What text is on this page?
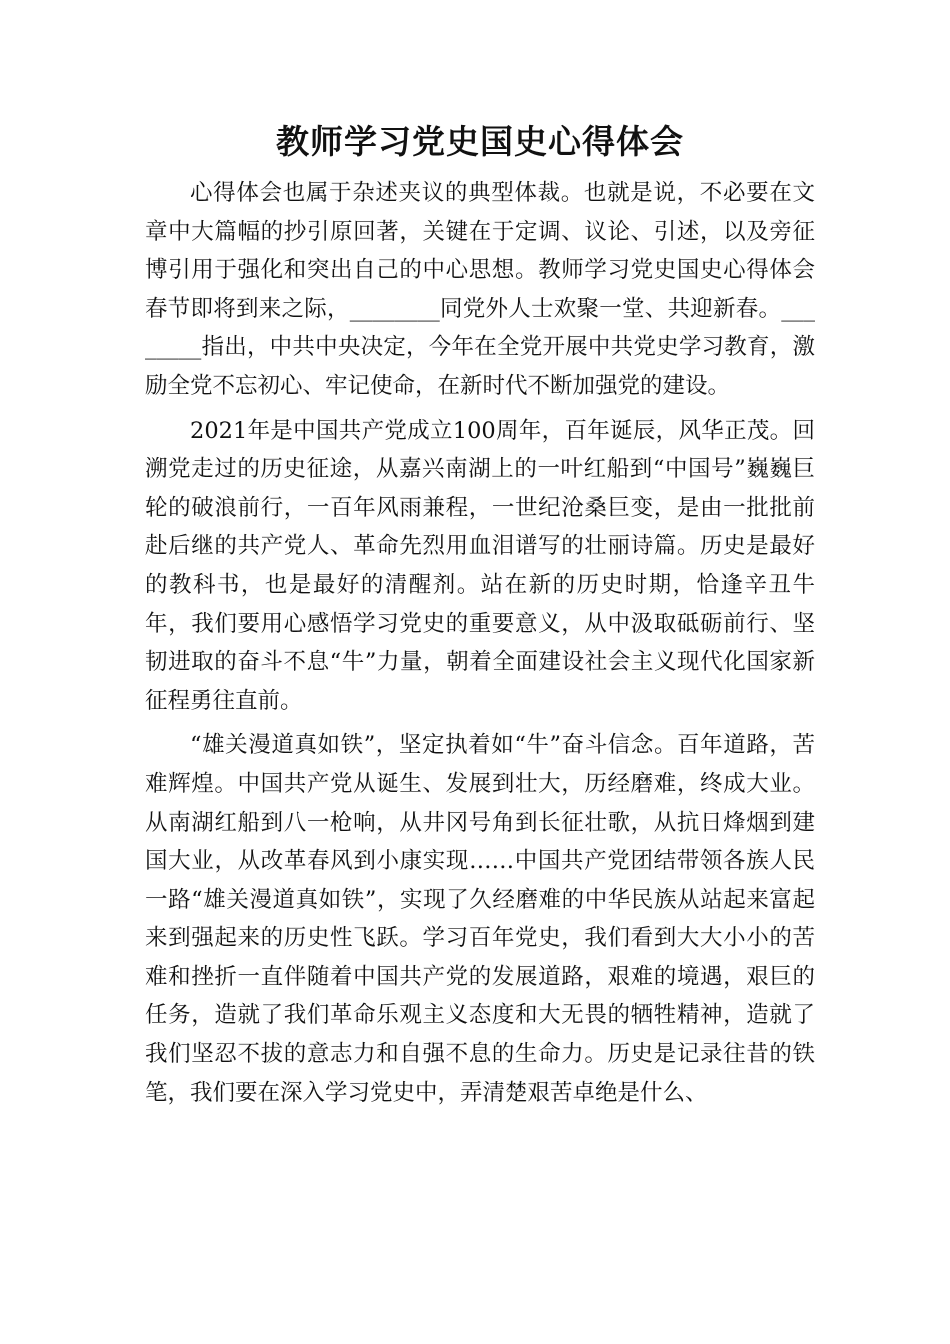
教师学习党史国史心得体会

心得体会也属于杂述夹议的典型体裁。也就是说，不必要在文章中大篇幅的抄引原回著，关键在于定调、议论、引述，以及旁征博引用于强化和突出自己的中心思想。教师学习党史国史心得体会春节即将到来之际，________同党外人士欢聚一堂、共迎新春。________指出，中共中央决定，今年在全党开展中共党史学习教育，激励全党不忘初心、牢记使命，在新时代不断加强党的建设。

2021年是中国共产党成立100周年，百年诞辰，风华正茂。回溯党走过的历史征途，从嘉兴南湖上的一叶红船到“中国号”巍巍巨轮的破浪前行，一百年风雨兼程，一世纪沧桑巨变，是由一批批前赴后继的共产党人、革命先烈用血泪谱写的壮丽诗篇。历史是最好的教科书，也是最好的清醒剂。站在新的历史时期，恰逢辛丑牛年，我们要用心感悟学习党史的重要意义，从中汲取砥砺前行、坚韧进取的奋斗不息“牛”力量，朝着全面建设社会主义现代化国家新征程勇往直前。

“雄关漫道真如铁”，坚定执着如“牛”奋斗信念。百年道路，苦难辉煌。中国共产党从诞生、发展到壮大，历经磨难，终成大业。从南湖红船到八一枪响，从井冈号角到长征壮歌，从抗日烽烟到建国大业，从改革春风到小康实现……中国共产党团结带领各族人民一路“雄关漫道真如铁”，实现了久经磨难的中华民族从站起来富起来到强起来的历史性飞跃。学习百年党史，我们看到大大小小的苦难和挫折一直伴随着中国共产党的发展道路，艰难的境遇，艰巨的任务，造就了我们革命乐观主义态度和大无畏的牺牲精神，造就了我们坚忍不拔的意志力和自强不息的生命力。历史是记录往昔的铁笔，我们要在深入学习党史中，弄清楚艰苦卓绝是什么、
